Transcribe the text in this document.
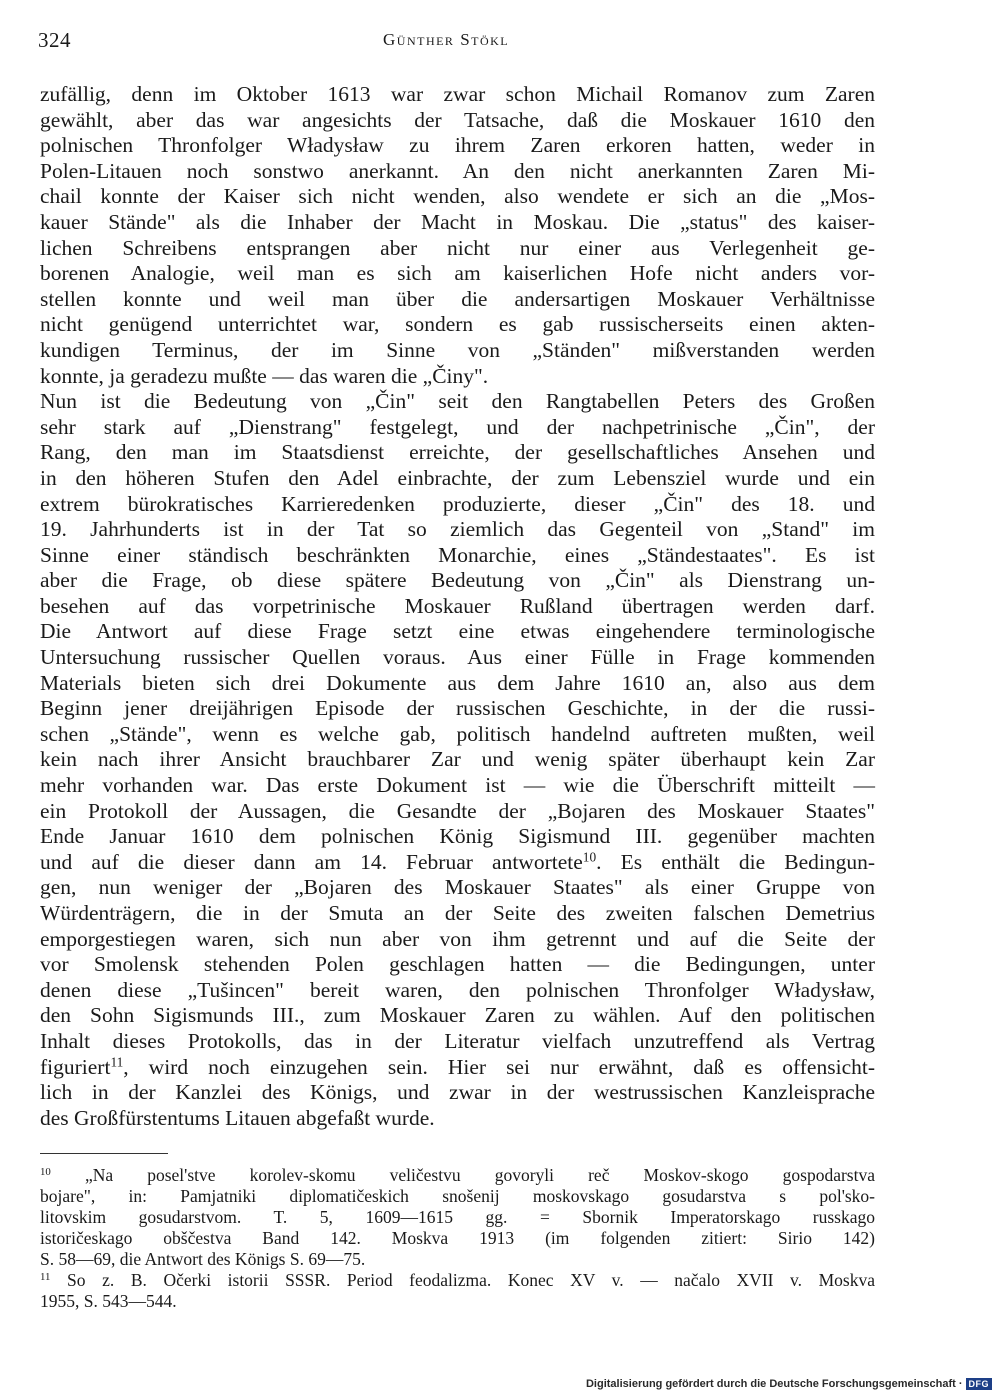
324	Günther Stökl
zufällig, denn im Oktober 1613 war zwar schon Michail Romanov zum Zaren
gewählt, aber das war angesichts der Tatsache, daß die Moskauer 1610 den
polnischen Thronfolger Władysław zu ihrem Zaren erkoren hatten, weder in
Polen-Litauen noch sonstwo anerkannt. An den nicht anerkannten Zaren Mi-
chail konnte der Kaiser sich nicht wenden, also wendete er sich an die „Mos-
kauer Stände" als die Inhaber der Macht in Moskau. Die „status" des kaiser-
lichen Schreibens entsprangen aber nicht nur einer aus Verlegenheit ge-
borenen Analogie, weil man es sich am kaiserlichen Hofe nicht anders vor-
stellen konnte und weil man über die andersartigen Moskauer Verhältnisse
nicht genügend unterrichtet war, sondern es gab russischerseits einen akten-
kundigen Terminus, der im Sinne von „Ständen" mißverstanden werden
konnte, ja geradezu mußte — das waren die „Činy".
Nun ist die Bedeutung von „Čin" seit den Rangtabellen Peters des Großen
sehr stark auf „Dienstrang" festgelegt, und der nachpetrinische „Čin", der
Rang, den man im Staatsdienst erreichte, der gesellschaftliches Ansehen und
in den höheren Stufen den Adel einbrachte, der zum Lebensziel wurde und ein
extrem bürokratisches Karrieredenken produzierte, dieser „Čin" des 18. und
19. Jahrhunderts ist in der Tat so ziemlich das Gegenteil von „Stand" im
Sinne einer ständisch beschränkten Monarchie, eines „Ständestaates". Es ist
aber die Frage, ob diese spätere Bedeutung von „Čin" als Dienstrang un-
besehen auf das vorpetrinische Moskauer Rußland übertragen werden darf.
Die Antwort auf diese Frage setzt eine etwas eingehendere terminologische
Untersuchung russischer Quellen voraus. Aus einer Fülle in Frage kommenden
Materials bieten sich drei Dokumente aus dem Jahre 1610 an, also aus dem
Beginn jener dreijährigen Episode der russischen Geschichte, in der die russi-
schen „Stände", wenn es welche gab, politisch handelnd auftreten mußten, weil
kein nach ihrer Ansicht brauchbarer Zar und wenig später überhaupt kein Zar
mehr vorhanden war. Das erste Dokument ist — wie die Überschrift mitteilt —
ein Protokoll der Aussagen, die Gesandte der „Bojaren des Moskauer Staates"
Ende Januar 1610 dem polnischen König Sigismund III. gegenüber machten
und auf die dieser dann am 14. Februar antwortete$^{10}$. Es enthält die Bedingun-
gen, nun weniger der „Bojaren des Moskauer Staates" als einer Gruppe von
Würdenträgern, die in der Smuta an der Seite des zweiten falschen Demetrius
emporgestiegen waren, sich nun aber von ihm getrennt und auf die Seite der
vor Smolensk stehenden Polen geschlagen hatten — die Bedingungen, unter
denen diese „Tušincen" bereit waren, den polnischen Thronfolger Władysław,
den Sohn Sigismunds III., zum Moskauer Zaren zu wählen. Auf den politischen
Inhalt dieses Protokolls, das in der Literatur vielfach unzutreffend als Vertrag
figuriert$^{11}$, wird noch einzugehen sein. Hier sei nur erwähnt, daß es offensicht-
lich in der Kanzlei des Königs, und zwar in der westrussischen Kanzleisprache
des Großfürstentums Litauen abgefaßt wurde.
$^{10}$ „Na posel'stve korolev-skomu veličestvu govoryli reč Moskov-skogo gospodarstva
bojare", in: Pamjatniki diplomatičeskich snošenij moskovskago gosudarstva s pol'sko-
litovskim gosudarstvom. T. 5, 1609—1615 gg. = Sbornik Imperatorskago russkago
istoričeskago obščestva Band 142. Moskva 1913 (im folgenden zitiert: Sirio 142)
S. 58—69, die Antwort des Königs S. 69—75.
$^{11}$ So z. B. Očerki istorii SSSR. Period feodalizma. Konec XV v. — načalo XVII v. Moskva
1955, S. 543—544.
Digitalisierung gefördert durch die Deutsche Forschungsgemeinschaft · DFG
